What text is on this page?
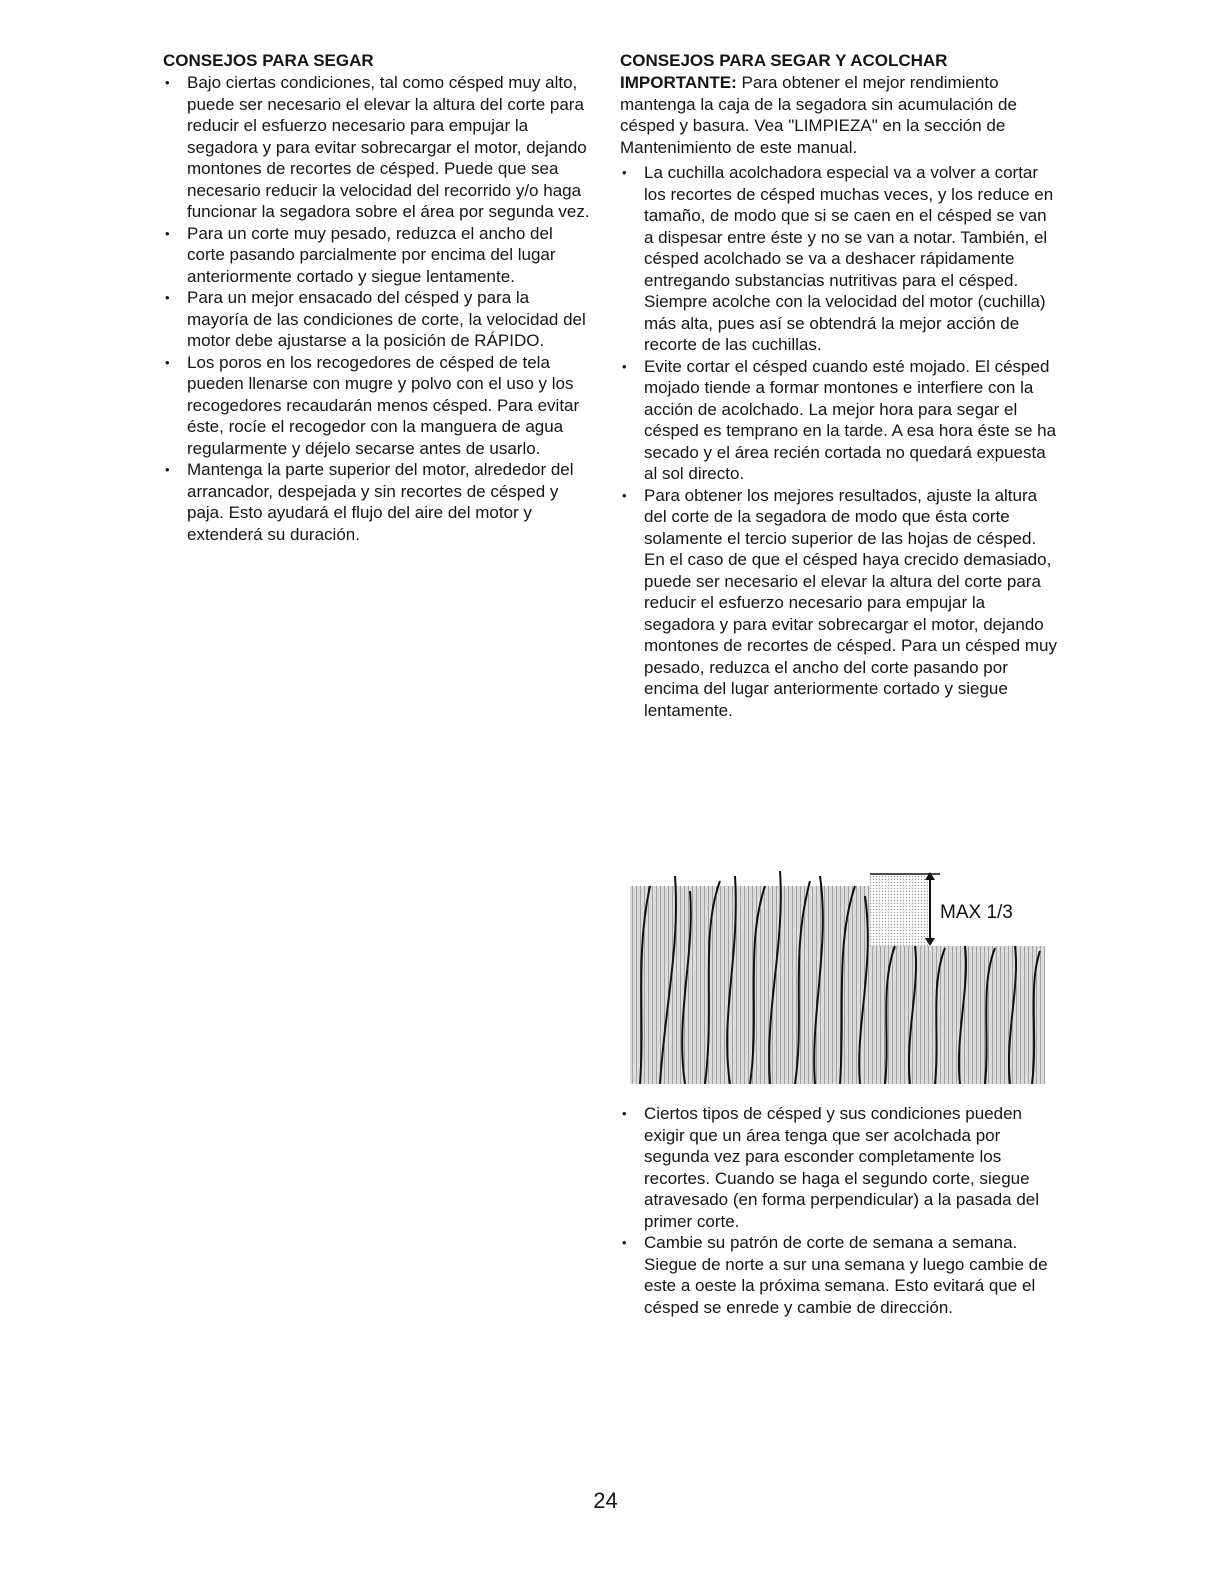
CONSEJOS PARA SEGAR
• Bajo ciertas condiciones, tal como césped muy alto, puede ser necesario el elevar la altura del corte para reducir el esfuerzo necesario para empujar la segadora y para evitar sobrecargar el motor, dejando montones de recortes de césped. Puede que sea necesario reducir la velocidad del recorrido y/o haga funcionar la segadora sobre el área por segunda vez.
• Para un corte muy pesado, reduzca el ancho del corte pasando parcialmente por encima del lugar anteriormente cortado y siegue lentamente.
• Para un mejor ensacado del césped y para la mayoría de las condiciones de corte, la velocidad del motor debe ajustarse a la posición de RÁPIDO.
• Los poros en los recogedores de césped de tela pueden llenarse con mugre y polvo con el uso y los recogedores recaudarán menos césped. Para evitar éste, rocíe el recogedor con la manguera de agua regularmente y déjelo secarse antes de usarlo.
• Mantenga la parte superior del motor, alrededor del arrancador, despejada y sin recortes de césped y paja. Esto ayudará el flujo del aire del motor y extenderá su duración.
CONSEJOS PARA SEGAR Y ACOLCHAR

IMPORTANTE: Para obtener el mejor rendimiento mantenga la caja de la segadora sin acumulación de césped y basura. Vea "LIMPIEZA" en la sección de Mantenimiento de este manual.

• La cuchilla acolchadora especial va a volver a cortar los recortes de césped muchas veces, y los reduce en tamaño, de modo que si se caen en el césped se van a dispesar entre éste y no se van a notar. También, el césped acolchado se va a deshacer rápidamente entregando substancias nutritivas para el césped. Siempre acolche con la velocidad del motor (cuchilla) más alta, pues así se obtendrá la mejor acción de recorte de las cuchillas.
• Evite cortar el césped cuando esté mojado. El césped mojado tiende a formar montones e interfiere con la acción de acolchado. La mejor hora para segar el césped es temprano en la tarde. A esa hora éste se ha secado y el área recién cortada no quedará expuesta al sol directo.
• Para obtener los mejores resultados, ajuste la altura del corte de la segadora de modo que ésta corte solamente el tercio superior de las hojas de césped. En el caso de que el césped haya crecido demasiado, puede ser necesario el elevar la altura del corte para reducir el esfuerzo necesario para empujar la segadora y para evitar sobrecargar el motor, dejando montones de recortes de césped. Para un césped muy pesado, reduzca el ancho del corte pasando por encima del lugar anteriormente cortado y siegue lentamente.
MAX 1/3
• Ciertos tipos de césped y sus condiciones pueden exigir que un área tenga que ser acolchada por segunda vez para esconder completamente los recortes. Cuando se haga el segundo corte, siegue atravesado (en forma perpendicular) a la pasada del primer corte.
• Cambie su patrón de corte de semana a semana. Siegue de norte a sur una semana y luego cambie de este a oeste la próxima semana. Esto evitará que el césped se enrede y cambie de dirección.
24
